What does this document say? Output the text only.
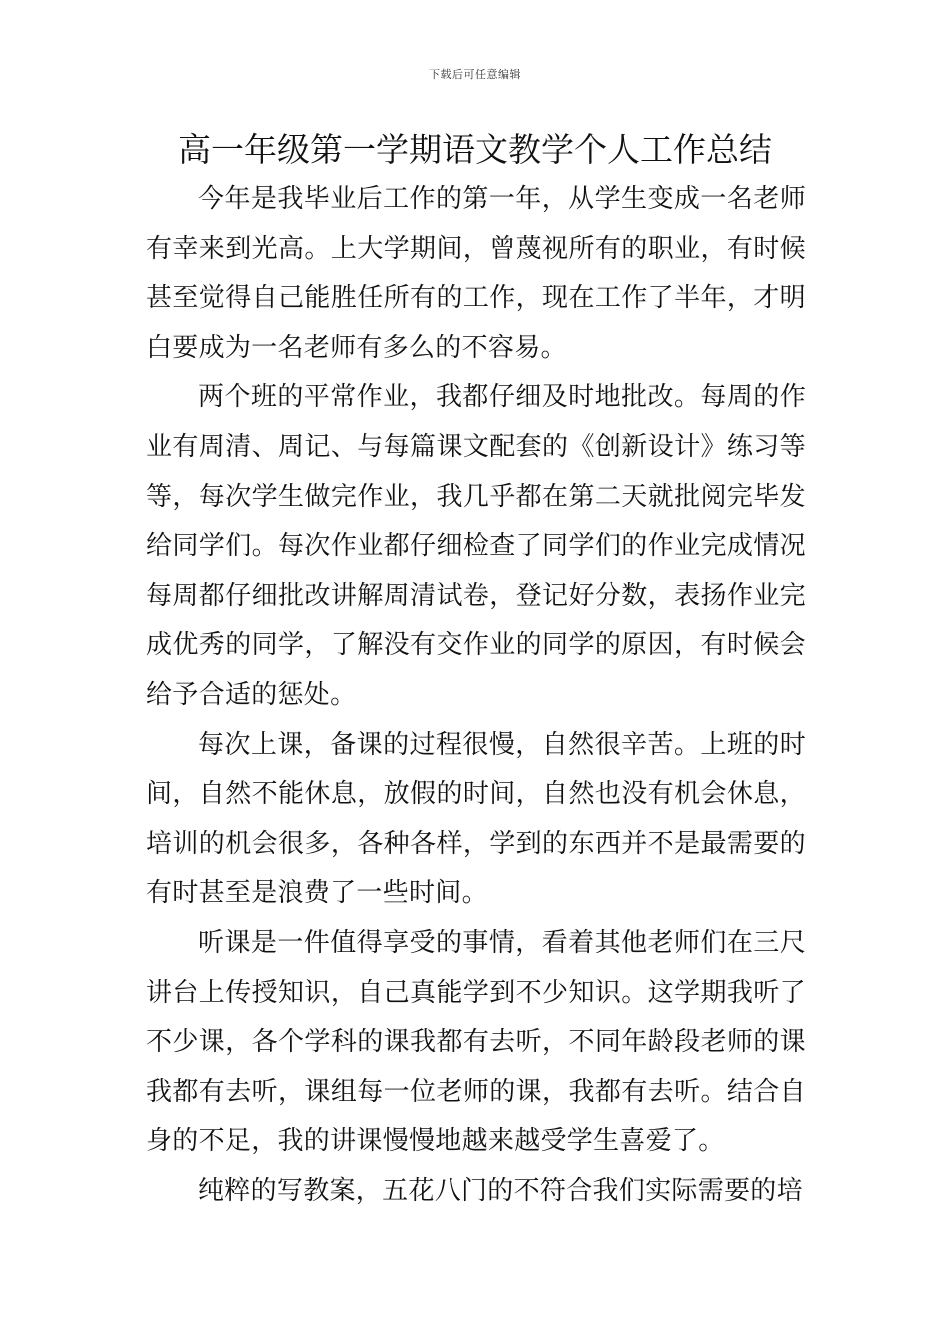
下载后可任意编辑
高一年级第一学期语文教学个人工作总结

今年是我毕业后工作的第一年，从学生变成一名老师有幸来到光高。上大学期间，曾蔑视所有的职业，有时候甚至觉得自己能胜任所有的工作，现在工作了半年，才明白要成为一名老师有多么的不容易。

两个班的平常作业，我都仔细及时地批改。每周的作业有周清、周记、与每篇课文配套的《创新设计》练习等等，每次学生做完作业，我几乎都在第二天就批阅完毕发给同学们。每次作业都仔细检查了同学们的作业完成情况每周都仔细批改讲解周清试卷，登记好分数，表扬作业完成优秀的同学，了解没有交作业的同学的原因，有时候会给予合适的惩处。

每次上课，备课的过程很慢，自然很辛苦。上班的时间，自然不能休息，放假的时间，自然也没有机会休息，培训的机会很多，各种各样，学到的东西并不是最需要的有时甚至是浪费了一些时间。

听课是一件值得享受的事情，看着其他老师们在三尺讲台上传授知识，自己真能学到不少知识。这学期我听了不少课，各个学科的课我都有去听，不同年龄段老师的课我都有去听，课组每一位老师的课，我都有去听。结合自身的不足，我的讲课慢慢地越来越受学生喜爱了。

纯粹的写教案，五花八门的不符合我们实际需要的培
